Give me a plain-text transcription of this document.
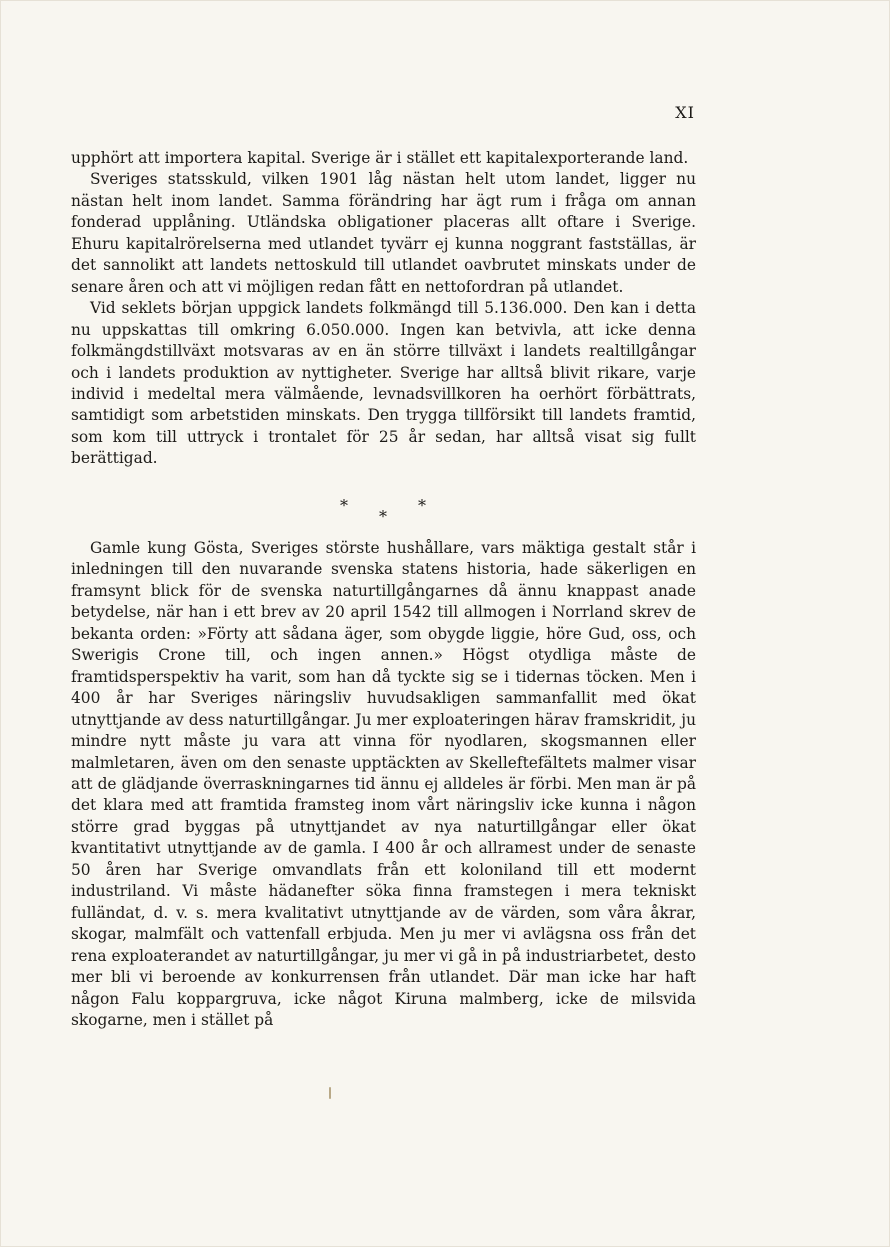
XI

upphört att importera kapital. Sverige är i stället ett kapitalexporterande land.

Sveriges statsskuld, vilken 1901 låg nästan helt utom landet, ligger nu nästan helt inom landet. Samma förändring har ägt rum i fråga om annan fonderad upplåning. Utländska obligationer placeras allt oftare i Sverige. Ehuru kapitalrörelserna med utlandet tyvärr ej kunna noggrant fastställas, är det sannolikt att landets nettoskuld till utlandet oavbrutet minskats under de senare åren och att vi möjligen redan fått en nettofordran på utlandet.

Vid seklets början uppgick landets folkmängd till 5.136.000. Den kan i detta nu uppskattas till omkring 6.050.000. Ingen kan betvivla, att icke denna folkmängdstillväxt motsvaras av en än större tillväxt i landets realtillgångar och i landets produktion av nyttigheter. Sverige har alltså blivit rikare, varje individ i medeltal mera välmående, levnadsvillkoren ha oerhört förbättrats, samtidigt som arbetstiden minskats. Den trygga tillförsikt till landets framtid, som kom till uttryck i trontalet för 25 år sedan, har alltså visat sig fullt berättigad.

*	*
*

Gamle kung Gösta, Sveriges störste hushållare, vars mäktiga gestalt står i inledningen till den nuvarande svenska statens historia, hade säkerligen en framsynt blick för de svenska naturtillgångarnes då ännu knappast anade betydelse, när han i ett brev av 20 april 1542 till allmogen i Norrland skrev de bekanta orden: »Förty att sådana äger, som obygde liggie, höre Gud, oss, och Swerigis Crone till, och ingen annen.» Högst otydliga måste de framtidsperspektiv ha varit, som han då tyckte sig se i tidernas töcken. Men i 400 år har Sveriges näringsliv huvudsakligen sammanfallit med ökat utnyttjande av dess naturtillgångar. Ju mer exploateringen härav framskridit, ju mindre nytt måste ju vara att vinna för nyodlaren, skogsmannen eller malmletaren, även om den senaste upptäckten av Skelleftefältets malmer visar att de glädjande överraskningarnes tid ännu ej alldeles är förbi. Men man är på det klara med att framtida framsteg inom vårt näringsliv icke kunna i någon större grad byggas på utnyttjandet av nya naturtillgångar eller ökat kvantitativt utnyttjande av de gamla. I 400 år och allramest under de senaste 50 åren har Sverige omvandlats från ett koloniland till ett modernt industriland. Vi måste hädanefter söka finna framstegen i mera tekniskt fulländat, d. v. s. mera kvalitativt utnyttjande av de värden, som våra åkrar, skogar, malmfält och vattenfall erbjuda. Men ju mer vi avlägsna oss från det rena exploaterandet av naturtillgångar, ju mer vi gå in på industriarbetet, desto mer bli vi beroende av konkurrensen från utlandet. Där man icke har haft någon Falu koppargruva, icke något Kiruna malmberg, icke de milsvida skogarne, men i stället på
